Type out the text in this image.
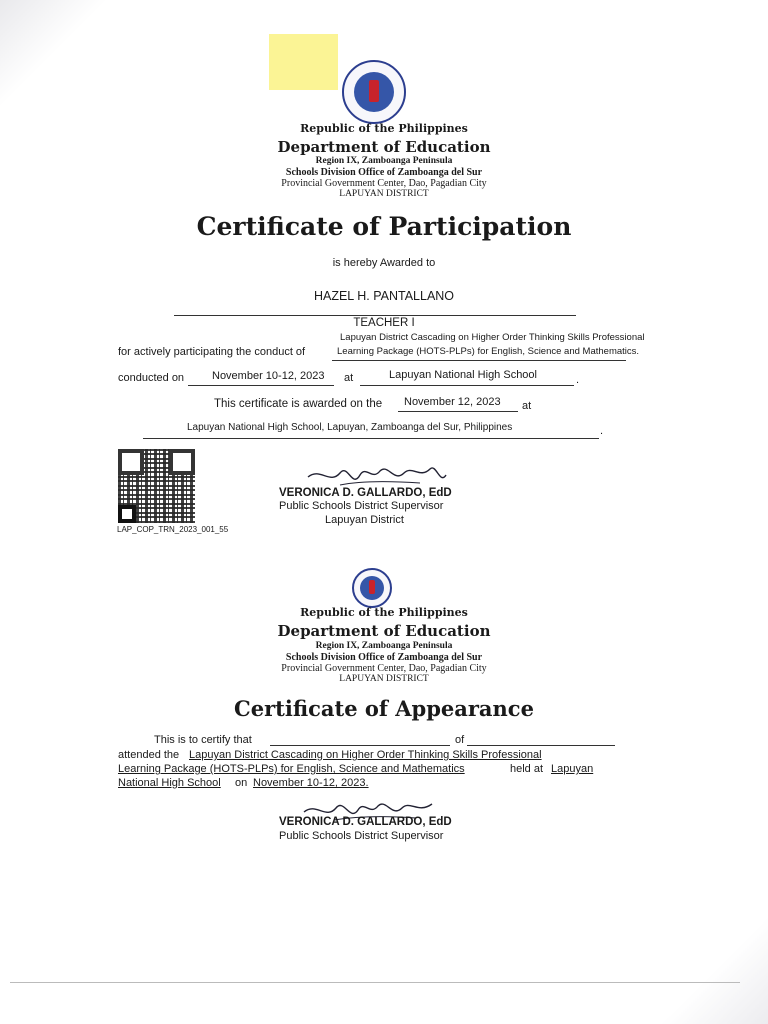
Republic of the Philippines
Department of Education
Region IX, Zamboanga Peninsula
Schools Division Office of Zamboanga del Sur
Provincial Government Center, Dao, Pagadian City
LAPUYAN DISTRICT
Certificate of Participation
is hereby Awarded to
HAZEL H. PANTALLANO
TEACHER I
Lapuyan District Cascading on Higher Order Thinking Skills Professional
for actively participating the conduct of	Learning Package (HOTS-PLPs) for English, Science and Mathematics.
conducted on	November 10-12, 2023 at	Lapuyan National High School	.
This certificate is awarded on the November 12, 2023 at
Lapuyan National High School, Lapuyan, Zamboanga del Sur, Philippines	.
LAP_COP_TRN_2023_001_55
VERONICA D. GALLARDO, EdD
Public Schools District Supervisor
Lapuyan District
Republic of the Philippines
Department of Education
Region IX, Zamboanga Peninsula
Schools Division Office of Zamboanga del Sur
Provincial Government Center, Dao, Pagadian City
LAPUYAN DISTRICT
Certificate of Appearance
This is to certify that	of
attended the Lapuyan District Cascading on Higher Order Thinking Skills Professional
Learning Package (HOTS-PLPs) for English, Science and Mathematics	held at Lapuyan
National High School on November 10-12, 2023.
VERONICA D. GALLARDO, EdD
Public Schools District Supervisor
